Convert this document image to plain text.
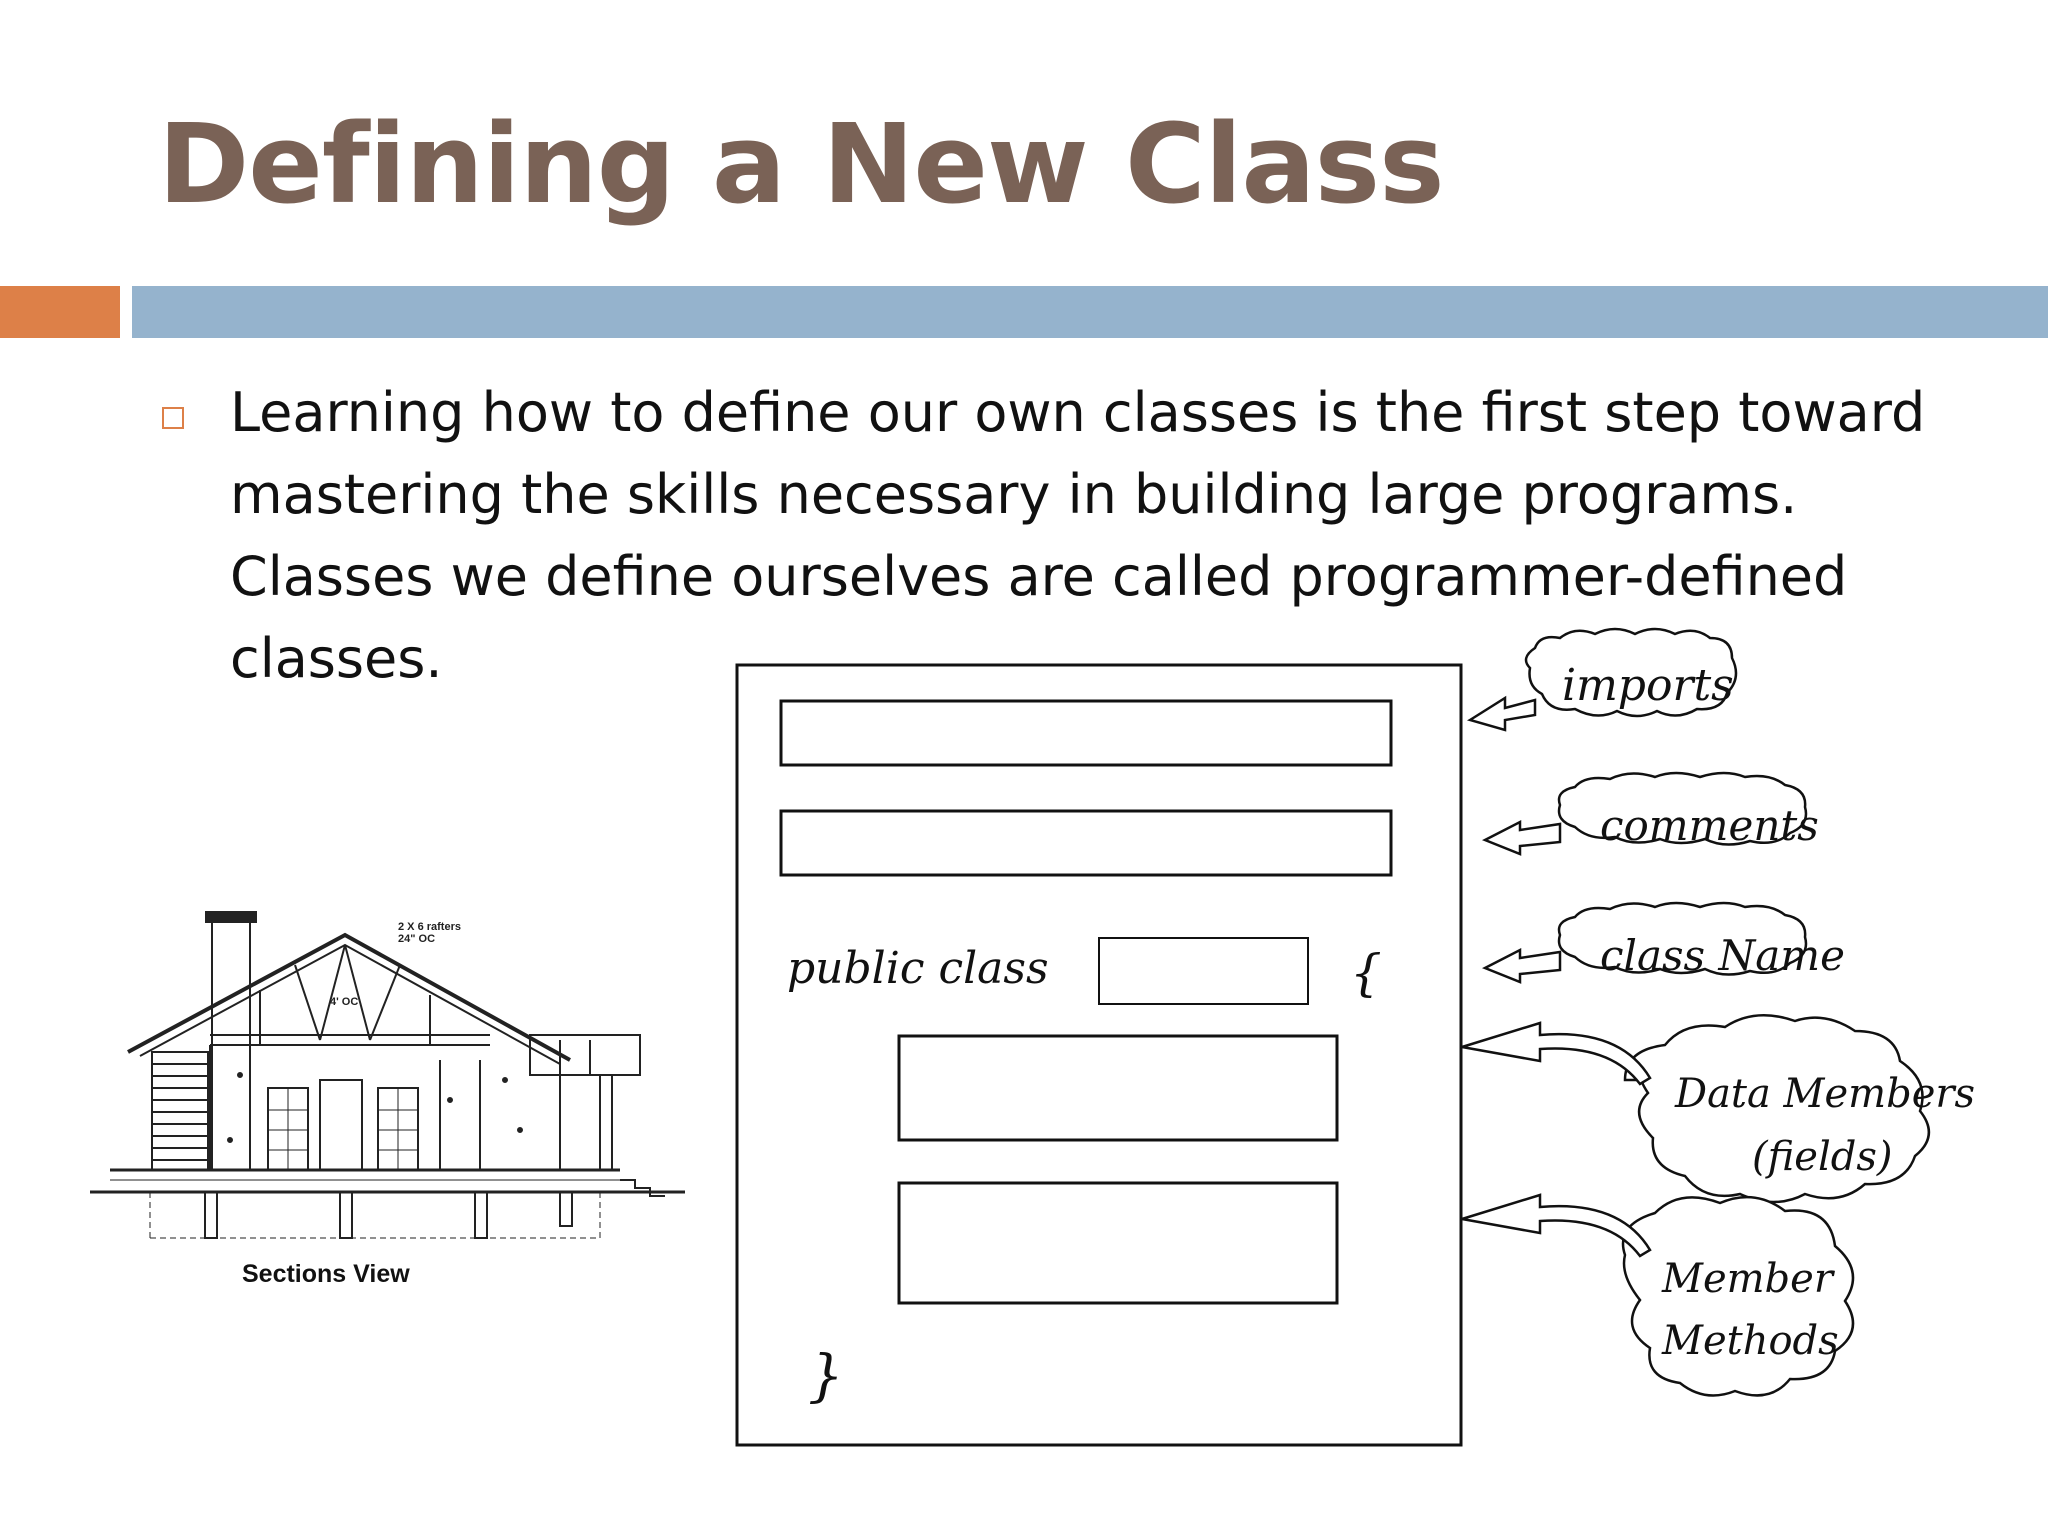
Defining a New Class

Learning how to define our own classes is the first step toward mastering the skills necessary in building large programs. Classes we define ourselves are called programmer-defined classes.

2 X 6 rafters
24" OC
4' OC
Sections View
public class	{
}
imports
comments
class Name
Data Members
(fields)
Member
Methods
